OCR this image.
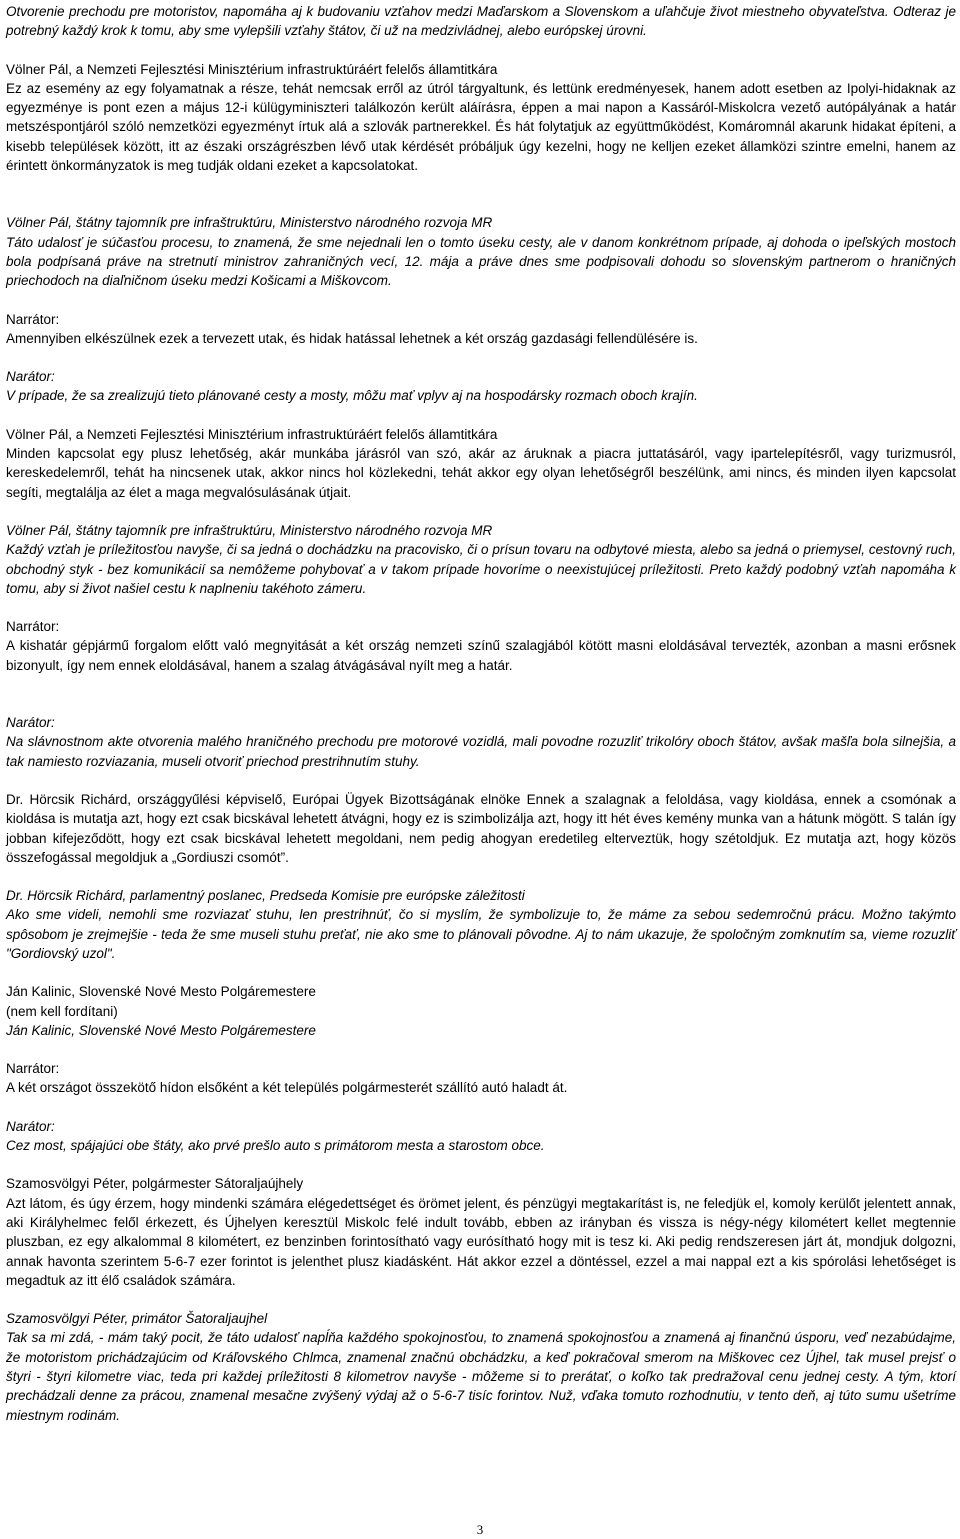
Otvorenie prechodu pre motoristov, napomáha aj k budovaniu vzťahov medzi Maďarskom a Slovenskom a uľahčuje život miestneho obyvateľstva. Odteraz je potrebný každý krok k tomu, aby sme vylepšili vzťahy štátov, či už na medzivládnej, alebo európskej úrovni.

Völner Pál, a Nemzeti Fejlesztési Minisztérium infrastruktúráért felelős államtitkára

Ez az esemény az egy folyamatnak a része, tehát nemcsak erről az útról tárgyaltunk, és lettünk eredményesek, hanem adott esetben az Ipolyi-hidaknak az egyezménye is pont ezen a május 12-i külügyminiszteri találkozón került aláírásra, éppen a mai napon a Kassáról-Miskolcra vezető autópályának a határ metszéspontjáról szóló nemzetközi egyezményt írtuk alá a szlovák partnerekkel. És hát folytatjuk az együttműködést, Komáromnál akarunk hidakat építeni, a kisebb települések között, itt az északi országrészben lévő utak kérdését próbáljuk úgy kezelni, hogy ne kelljen ezeket államközi szintre emelni, hanem az érintett önkormányzatok is meg tudják oldani ezeket a kapcsolatokat.

Völner Pál, štátny tajomník pre infraštruktúru, Ministerstvo národného rozvoja MR

Táto udalosť je súčasťou procesu, to znamená, že sme nejednali len o tomto úseku cesty, ale v danom konkrétnom prípade, aj dohoda o ipeľských mostoch bola podpísaná práve na stretnutí ministrov zahraničných vecí, 12. mája a práve dnes sme podpisovali dohodu so slovenským partnerom o hraničných priechodoch na diaľničnom úseku medzi Košicami a Miškovcom.

Narrátor:

Amennyiben elkészülnek ezek a tervezett utak, és hidak hatással lehetnek a két ország gazdasági fellendülésére is.

Narátor:

V prípade, že sa zrealizujú tieto plánované cesty a mosty, môžu mať vplyv aj na hospodársky rozmach oboch krajín.

Völner Pál, a Nemzeti Fejlesztési Minisztérium infrastruktúráért felelős államtitkára

Minden kapcsolat egy plusz lehetőség, akár munkába járásról van szó, akár az áruknak a piacra juttatásáról, vagy ipartelepítésről, vagy turizmusról, kereskedelemről, tehát ha nincsenek utak, akkor nincs hol közlekedni, tehát akkor egy olyan lehetőségről beszélünk, ami nincs, és minden ilyen kapcsolat segíti, megtalálja az élet a maga megvalósulásának útjait.

Völner Pál, štátny tajomník pre infraštruktúru, Ministerstvo národného rozvoja MR

Každý vzťah je príležitosťou navyše, či sa jedná o dochádzku na pracovisko, či o prísun tovaru na odbytové miesta, alebo sa jedná o priemysel, cestovný ruch, obchodný styk - bez komunikácií sa nemôžeme pohybovať a v takom prípade hovoríme o neexistujúcej príležitosti. Preto každý podobný vzťah napomáha k tomu, aby si život našiel cestu k naplneniu takéhoto zámeru.

Narrátor:

A kishatár gépjármű forgalom előtt való megnyitását a két ország nemzeti színű szalagjából kötött masni eloldásával tervezték, azonban a masni erősnek bizonyult, így nem ennek eloldásával, hanem a szalag átvágásával nyílt meg a határ.

Narátor:

Na slávnostnom akte otvorenia malého hraničného prechodu pre motorové vozidlá, mali povodne rozuzliť trikolóry oboch štátov, avšak mašľa bola silnejšia, a tak namiesto rozviazania, museli otvoriť priechod prestrihnutím stuhy.

Dr. Hörcsik Richárd, országgyűlési képviselő, Európai Ügyek Bizottságának elnöke Ennek a szalagnak a feloldása, vagy kioldása, ennek a csomónak a kioldása is mutatja azt, hogy ezt csak bicskával lehetett átvágni, hogy ez is szimbolizálja azt, hogy itt hét éves kemény munka van a hátunk mögött. S talán így jobban kifejeződött, hogy ezt csak bicskával lehetett megoldani, nem pedig ahogyan eredetileg elterveztük, hogy szétoldjuk. Ez mutatja azt, hogy közös összefogással megoldjuk a „Gordiuszi csomót”.

Dr. Hörcsik Richárd, parlamentný poslanec, Predseda Komisie pre európske záležitosti

Ako sme videli, nemohli sme rozviazať stuhu, len prestrihnúť, čo si myslím, že symbolizuje to, že máme za sebou sedemročnú prácu. Možno takýmto spôsobom je zrejmejšie - teda že sme museli stuhu preťať, nie ako sme to plánovali pôvodne. Aj to nám ukazuje, že spoločným zomknutím sa, vieme rozuzliť "Gordiovský uzol".

Ján Kalinic, Slovenské Nové Mesto Polgáremestere
(nem kell fordítani)
Ján Kalinic, Slovenské Nové Mesto Polgáremestere
Narrátor:

A két országot összekötő hídon elsőként a két település polgármesterét szállító autó haladt át.

Narátor:

Cez most, spájajúci obe štáty, ako prvé prešlo auto s primátorom mesta a starostom obce.

Szamosvölgyi Péter, polgármester Sátoraljaújhely

Azt látom, és úgy érzem, hogy mindenki számára elégedettséget és örömet jelent, és pénzügyi megtakarítást is, ne feledjük el, komoly kerülőt jelentett annak, aki Királyhelmec felől érkezett, és Újhelyen keresztül Miskolc felé indult tovább, ebben az irányban és vissza is négy-négy kilométert kellet megtennie pluszban, ez egy alkalommal 8 kilométert, ez benzinben forintosítható vagy eurósítható hogy mit is tesz ki. Aki pedig rendszeresen járt át, mondjuk dolgozni, annak havonta szerintem 5-6-7 ezer forintot is jelenthet plusz kiadásként. Hát akkor ezzel a döntéssel, ezzel a mai nappal ezt a kis spórolási lehetőséget is megadtuk az itt élő családok számára.

Szamosvölgyi Péter, primátor Šatoraljaujhel

Tak sa mi zdá, - mám taký pocit, že táto udalosť napĺňa každého spokojnosťou, to znamená spokojnosťou a znamená aj finančnú úsporu, veď nezabúdajme, že motoristom prichádzajúcim od Kráľovského Chlmca, znamenal značnú obchádzku, a keď pokračoval smerom na Miškovec cez Újhel, tak musel prejsť o štyri - štyri kilometre viac, teda pri každej príležitosti 8 kilometrov navyše - môžeme si to prerátať, o koľko tak predražoval cenu jednej cesty. A tým, ktorí prechádzali denne za prácou, znamenal mesačne zvýšený výdaj až o 5-6-7 tisíc forintov. Nuž, vďaka tomuto rozhodnutiu, v tento deň, aj túto sumu ušetríme miestnym rodinám.

3
